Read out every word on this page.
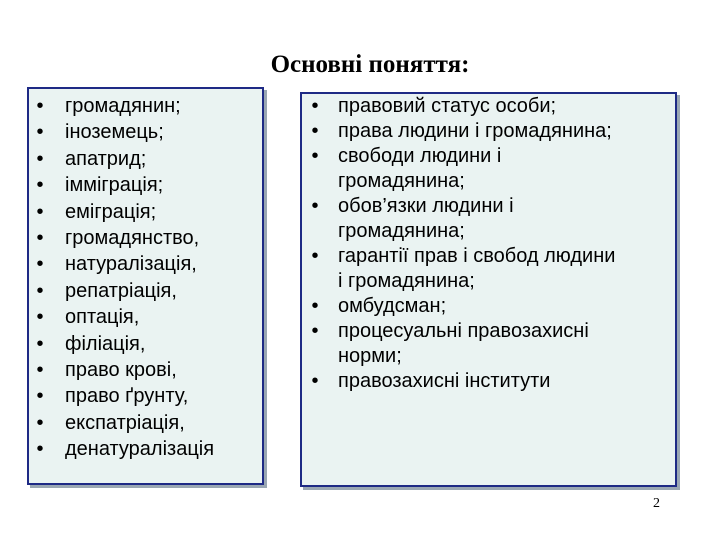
Основні поняття:
• громадянин;
• іноземець;
• апатрид;
• імміграція;
• еміграція;
• громадянство,
• натуралізація,
• репатріація,
• оптація,
• філіація,
• право крові,
• право ґрунту,
• експатріація,
• денатуралізація
• правовий статус особи;
• права людини і громадянина;
• свободи людини і
громадянина;
• обов’язки людини і
громадянина;
• гарантії прав і свобод людини
і громадянина;
• омбудсман;
• процесуальні правозахисні
норми;
• правозахисні інститути
2
